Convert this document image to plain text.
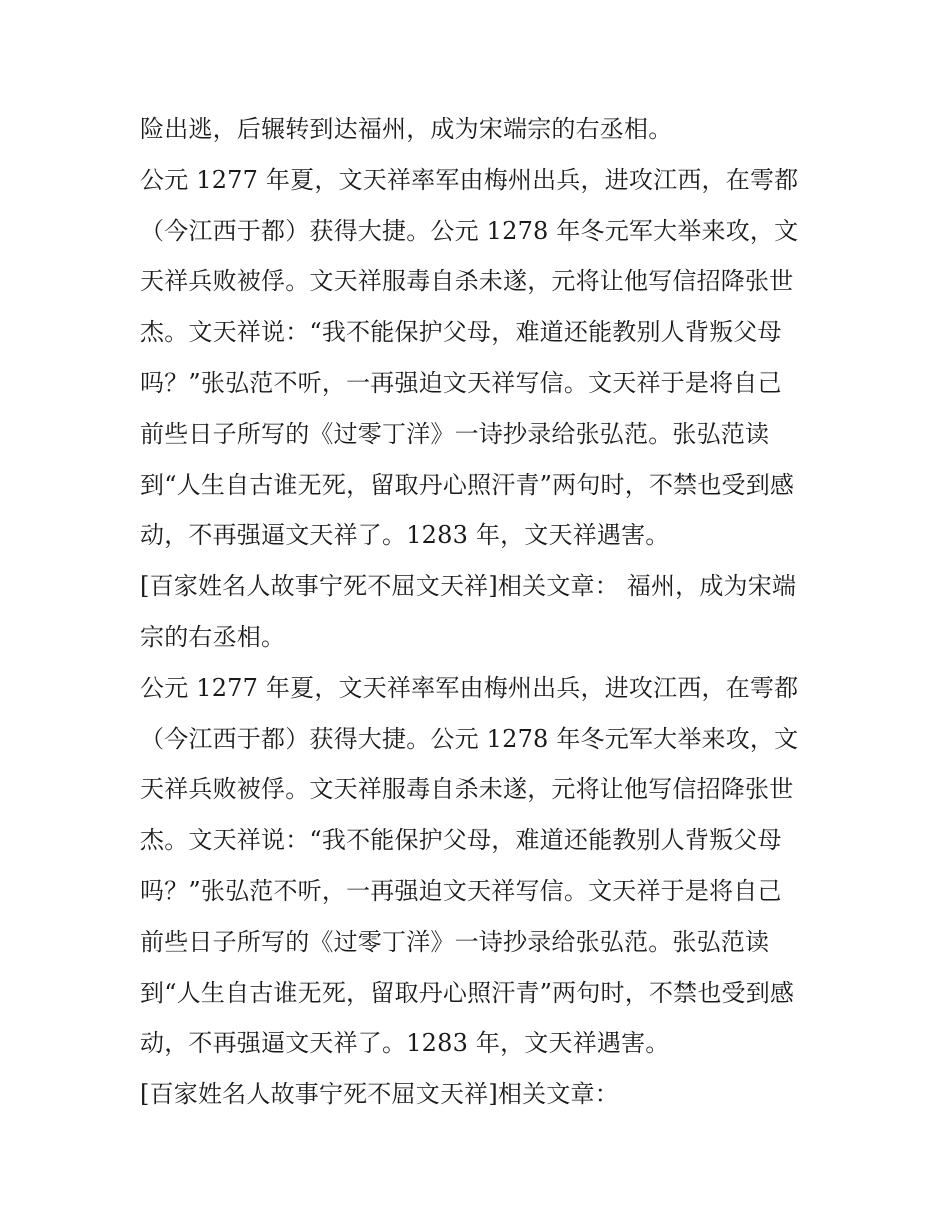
险出逃，后辗转到达福州，成为宋端宗的右丞相。
公元 1277 年夏，文天祥率军由梅州出兵，进攻江西，在雩都
（今江西于都）获得大捷。公元 1278 年冬元军大举来攻，文
天祥兵败被俘。文天祥服毒自杀未遂，元将让他写信招降张世
杰。文天祥说：“我不能保护父母，难道还能教别人背叛父母
吗？”张弘范不听，一再强迫文天祥写信。文天祥于是将自己
前些日子所写的《过零丁洋》一诗抄录给张弘范。张弘范读
到“人生自古谁无死，留取丹心照汗青”两句时，不禁也受到感
动，不再强逼文天祥了。1283 年，文天祥遇害。
[百家姓名人故事宁死不屈文天祥]相关文章： 福州，成为宋端
宗的右丞相。
公元 1277 年夏，文天祥率军由梅州出兵，进攻江西，在雩都
（今江西于都）获得大捷。公元 1278 年冬元军大举来攻，文
天祥兵败被俘。文天祥服毒自杀未遂，元将让他写信招降张世
杰。文天祥说：“我不能保护父母，难道还能教别人背叛父母
吗？”张弘范不听，一再强迫文天祥写信。文天祥于是将自己
前些日子所写的《过零丁洋》一诗抄录给张弘范。张弘范读
到“人生自古谁无死，留取丹心照汗青”两句时，不禁也受到感
动，不再强逼文天祥了。1283 年，文天祥遇害。
[百家姓名人故事宁死不屈文天祥]相关文章：
